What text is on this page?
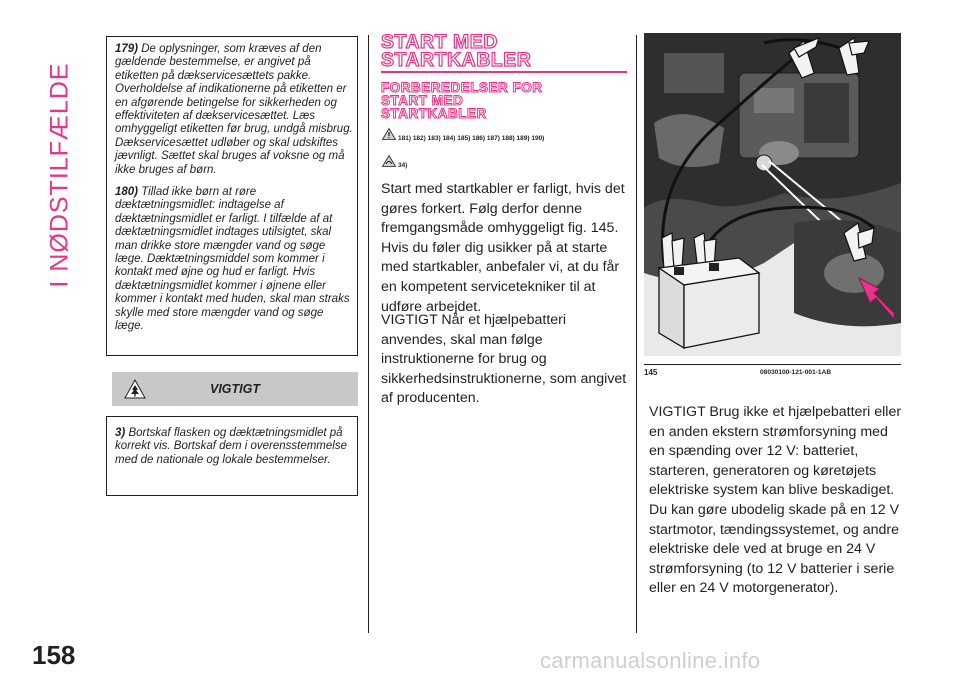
I NØDSTILFÆLDE
179) De oplysninger, som kræves af den gældende bestemmelse, er angivet på etiketten på dækservicesættets pakke. Overholdelse af indikationerne på etiketten er en afgørende betingelse for sikkerheden og effektiviteten af dækservicesættet. Læs omhyggeligt etiketten før brug, undgå misbrug. Dækservicesættet udløber og skal udskiftes jævnligt. Sættet skal bruges af voksne og må ikke bruges af børn.
180) Tillad ikke børn at røre dæktætningsmidlet: indtagelse af dæktætningsmidlet er farligt. I tilfælde af at dæktætningsmidlet indtages utilsigtet, skal man drikke store mængder vand og søge læge. Dæktætningsmiddel som kommer i kontakt med øjne og hud er farligt. Hvis dæktætningsmidlet kommer i øjnene eller kommer i kontakt med huden, skal man straks skylle med store mængder vand og søge læge.
VIGTIGT
3) Bortskaf flasken og dæktætningsmidlet på korrekt vis. Bortskaf dem i overensstemmelse med de nationale og lokale bestemmelser.
START MED
STARTKABLER
FORBEREDELSER FOR
START MED
STARTKABLER
181) 182) 183) 184) 185) 186) 187) 188) 189) 190)
34)
Start med startkabler er farligt, hvis det gøres forkert. Følg derfor denne fremgangsmåde omhyggeligt fig. 145. Hvis du føler dig usikker på at starte med startkabler, anbefaler vi, at du får en kompetent servicetekniker til at udføre arbejdet.
VIGTIGT Når et hjælpebatteri anvendes, skal man følge instruktionerne for brug og sikkerhedsinstruktionerne, som angivet af producenten.
145	08030100-121-001-1AB
VIGTIGT Brug ikke et hjælpebatteri eller en anden ekstern strømforsyning med en spænding over 12 V: batteriet, starteren, generatoren og køretøjets elektriske system kan blive beskadiget. Du kan gøre ubodelig skade på en 12 V startmotor, tændingssystemet, og andre elektriske dele ved at bruge en 24 V strømforsyning (to 12 V batterier i serie eller en 24 V motorgenerator).
158	carmanualsonline.info
